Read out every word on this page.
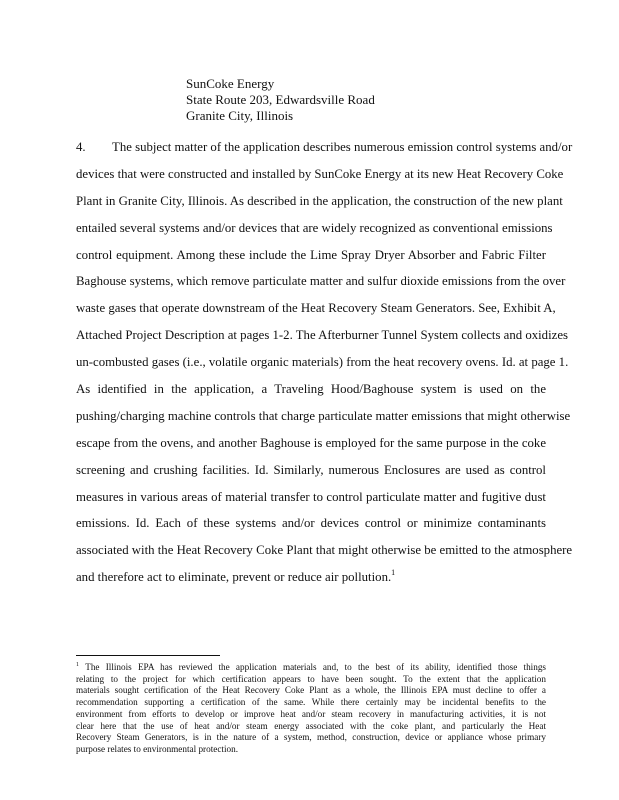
SunCoke Energy
State Route 203, Edwardsville Road
Granite City, Illinois
4. The subject matter of the application describes numerous emission control systems and/or
devices that were constructed and installed by SunCoke Energy at its new Heat Recovery Coke
Plant in Granite City, Illinois. As described in the application, the construction of the new plant
entailed several systems and/or devices that are widely recognized as conventional emissions
control equipment. Among these include the Lime Spray Dryer Absorber and Fabric Filter
Baghouse systems, which remove particulate matter and sulfur dioxide emissions from the over
waste gases that operate downstream of the Heat Recovery Steam Generators. See, Exhibit A,
Attached Project Description at pages 1-2. The Afterburner Tunnel System collects and oxidizes
un-combusted gases (i.e., volatile organic materials) from the heat recovery ovens. Id. at page 1.
As identified in the application, a Traveling Hood/Baghouse system is used on the
pushing/charging machine controls that charge particulate matter emissions that might otherwise
escape from the ovens, and another Baghouse is employed for the same purpose in the coke
screening and crushing facilities. Id. Similarly, numerous Enclosures are used as control
measures in various areas of material transfer to control particulate matter and fugitive dust
emissions. Id. Each of these systems and/or devices control or minimize contaminants
associated with the Heat Recovery Coke Plant that might otherwise be emitted to the atmosphere
and therefore act to eliminate, prevent or reduce air pollution.$^1$
$^1$ The Illinois EPA has reviewed the application materials and, to the best of its ability, identified those things
relating to the project for which certification appears to have been sought. To the extent that the application
materials sought certification of the Heat Recovery Coke Plant as a whole, the Illinois EPA must decline to offer a
recommendation supporting a certification of the same. While there certainly may be incidental benefits to the
environment from efforts to develop or improve heat and/or steam recovery in manufacturing activities, it is not
clear here that the use of heat and/or steam energy associated with the coke plant, and particularly the Heat
Recovery Steam Generators, is in the nature of a system, method, construction, device or appliance whose primary
purpose relates to environmental protection.
